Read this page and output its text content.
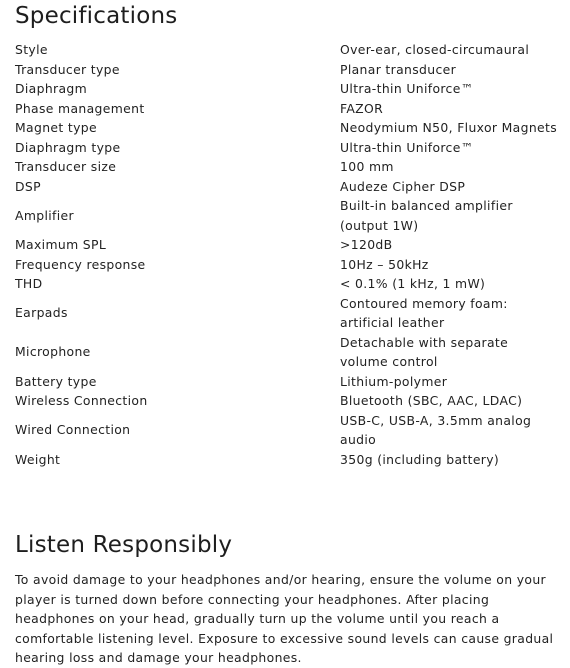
Specifications
Style	Over-ear, closed-circumaural
Transducer type	Planar transducer
Diaphragm	Ultra-thin Uniforce™
Phase management	FAZOR
Magnet type	Neodymium N50, Fluxor Magnets
Diaphragm type	Ultra-thin Uniforce™
Transducer size	100 mm
DSP	Audeze Cipher DSP
Amplifier	Built-in balanced amplifier (output 1W)
Maximum SPL	>120dB
Frequency response	10Hz – 50kHz
THD	< 0.1% (1 kHz, 1 mW)
Earpads	Contoured memory foam: artificial leather
Microphone	Detachable with separate volume control
Battery type	Lithium-polymer
Wireless Connection	Bluetooth (SBC, AAC, LDAC)
Wired Connection	USB-C, USB-A, 3.5mm analog audio
Weight	350g (including battery)
Listen Responsibly

To avoid damage to your headphones and/or hearing, ensure the volume on your player is turned down before connecting your headphones. After placing headphones on your head, gradually turn up the volume until you reach a comfortable listening level. Exposure to excessive sound levels can cause gradual hearing loss and damage your headphones.
